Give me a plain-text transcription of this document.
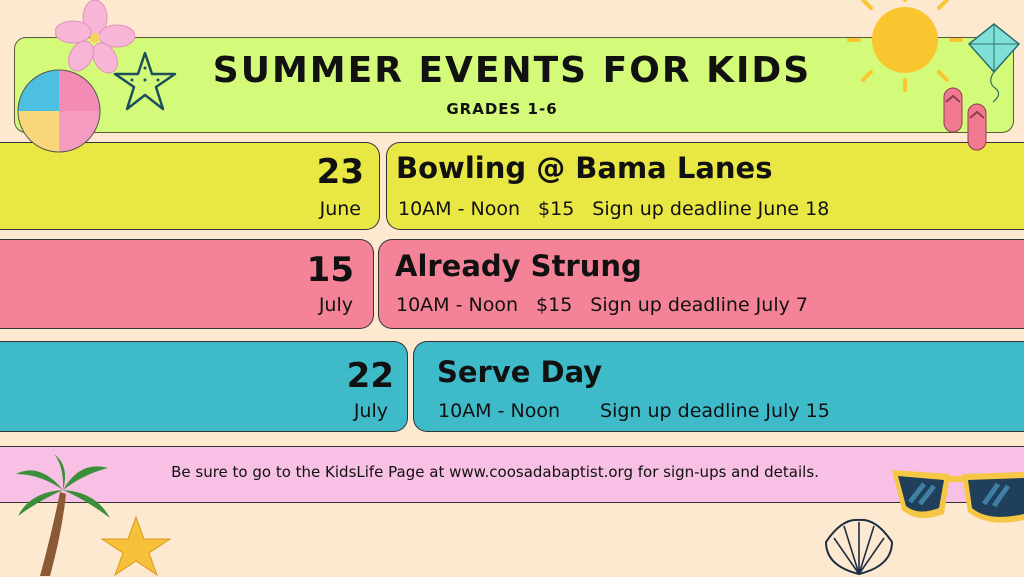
SUMMER EVENTS FOR KIDS
GRADES 1-6
23
June
Bowling @ Bama Lanes
10AM - Noon $15 Sign up deadline June 18
15
July
Already Strung
10AM - Noon $15 Sign up deadline July 7
22
July
Serve Day
10AM - Noon Sign up deadline July 15
Be sure to go to the KidsLife Page at www.coosadabaptist.org for sign-ups and details.
